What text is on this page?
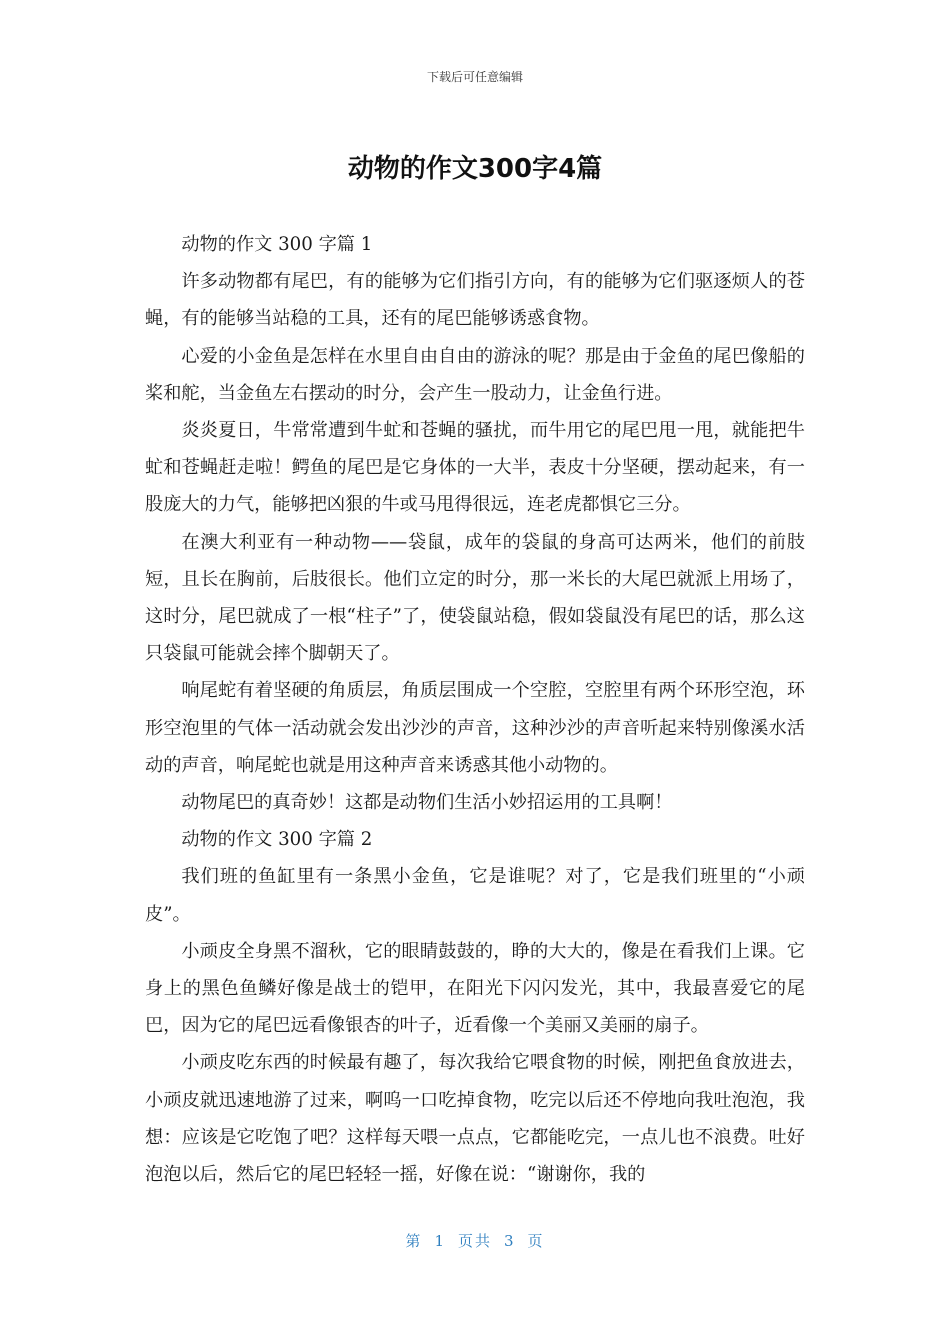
下载后可任意编辑
动物的作文300字4篇

动物的作文 300 字篇 1

许多动物都有尾巴，有的能够为它们指引方向，有的能够为它们驱逐烦人的苍蝇，有的能够当站稳的工具，还有的尾巴能够诱惑食物。

心爱的小金鱼是怎样在水里自由自由的游泳的呢？那是由于金鱼的尾巴像船的桨和舵，当金鱼左右摆动的时分，会产生一股动力，让金鱼行进。

炎炎夏日，牛常常遭到牛虻和苍蝇的骚扰，而牛用它的尾巴甩一甩，就能把牛虻和苍蝇赶走啦！鳄鱼的尾巴是它身体的一大半，表皮十分坚硬，摆动起来，有一股庞大的力气，能够把凶狠的牛或马甩得很远，连老虎都惧它三分。

在澳大利亚有一种动物——袋鼠，成年的袋鼠的身高可达两米，他们的前肢短，且长在胸前，后肢很长。他们立定的时分，那一米长的大尾巴就派上用场了，这时分，尾巴就成了一根“柱子”了，使袋鼠站稳，假如袋鼠没有尾巴的话，那么这只袋鼠可能就会摔个脚朝天了。

响尾蛇有着坚硬的角质层，角质层围成一个空腔，空腔里有两个环形空泡，环形空泡里的气体一活动就会发出沙沙的声音，这种沙沙的声音听起来特别像溪水活动的声音，响尾蛇也就是用这种声音来诱惑其他小动物的。

动物尾巴的真奇妙！这都是动物们生活小妙招运用的工具啊！

动物的作文 300 字篇 2

我们班的鱼缸里有一条黑小金鱼，它是谁呢？对了，它是我们班里的“小顽皮”。

小顽皮全身黑不溜秋，它的眼睛鼓鼓的，睁的大大的，像是在看我们上课。它身上的黑色鱼鳞好像是战士的铠甲，在阳光下闪闪发光，其中，我最喜爱它的尾巴，因为它的尾巴远看像银杏的叶子，近看像一个美丽又美丽的扇子。

小顽皮吃东西的时候最有趣了，每次我给它喂食物的时候，刚把鱼食放进去，小顽皮就迅速地游了过来，啊呜一口吃掉食物，吃完以后还不停地向我吐泡泡，我想：应该是它吃饱了吧？这样每天喂一点点，它都能吃完，一点儿也不浪费。吐好泡泡以后，然后它的尾巴轻轻一摇，好像在说：“谢谢你，我的

第 1 页共 3 页
